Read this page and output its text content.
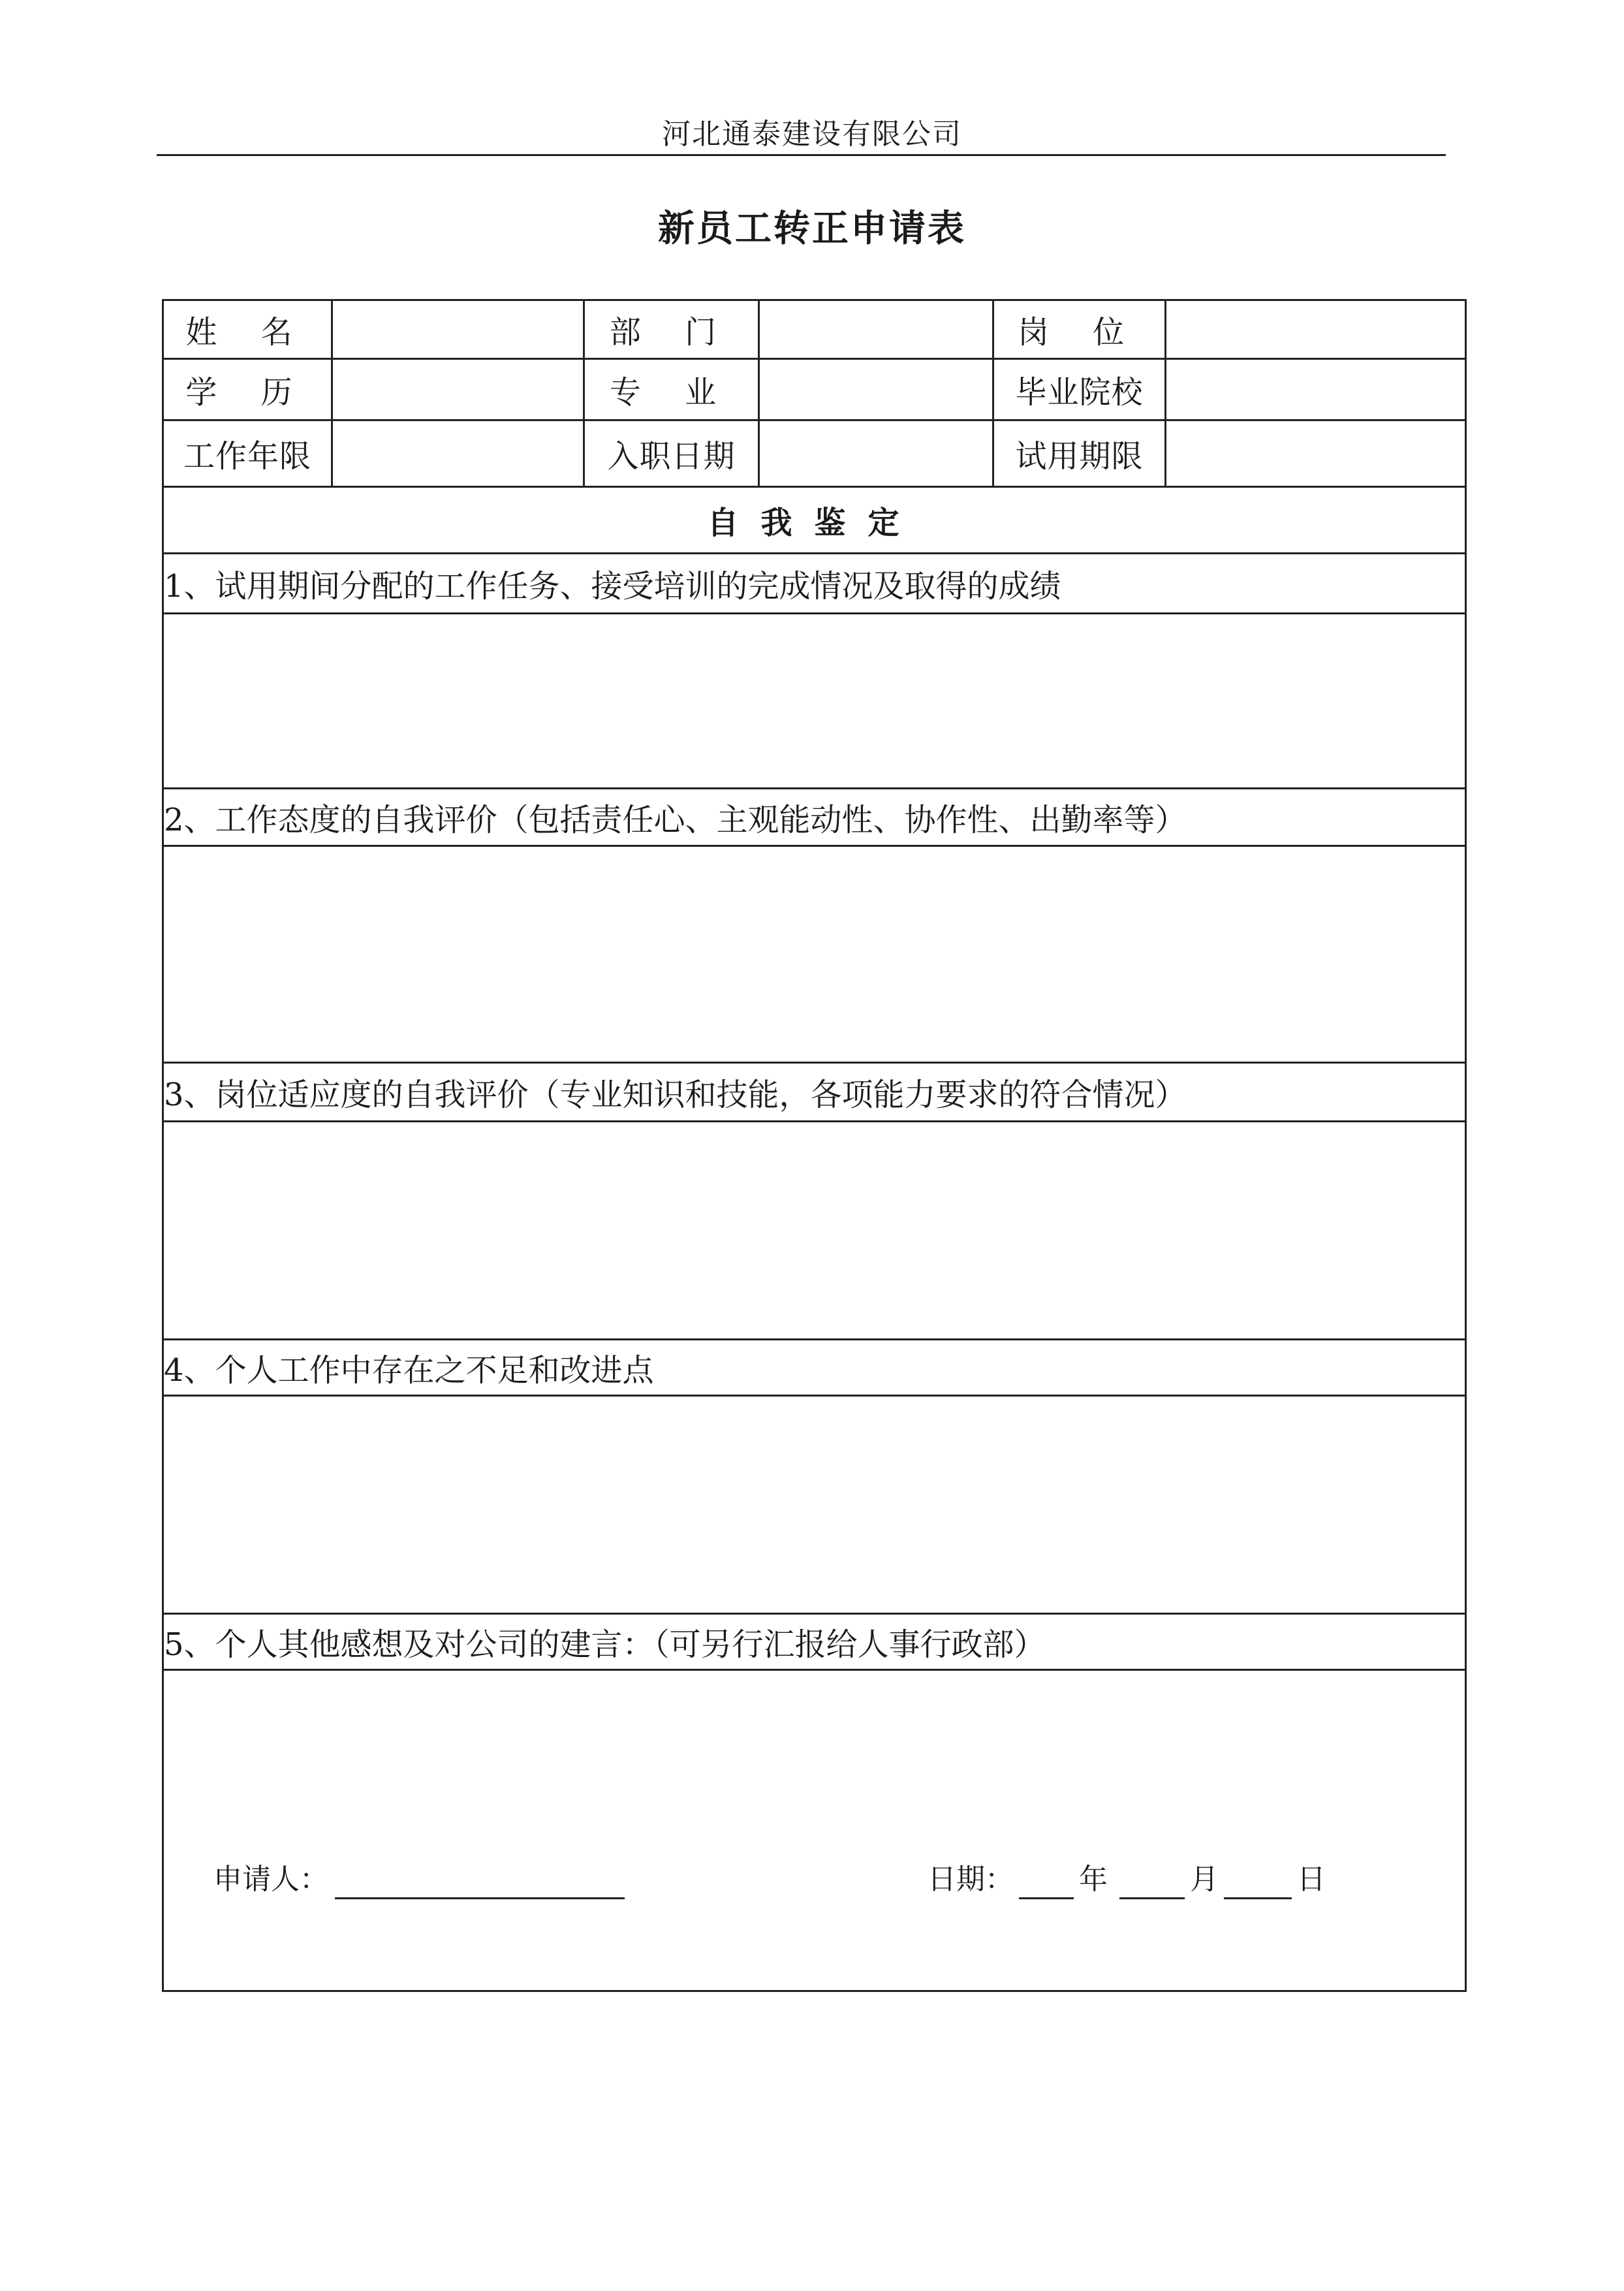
河北通泰建设有限公司
新员工转正申请表
姓 名		部 门		岗 位	
学 历		专 业		毕业院校	
工作年限		入职日期		试用期限	
自我鉴定					
1、试用期间分配的工作任务、接受培训的完成情况及取得的成绩					

2、工作态度的自我评价（包括责任心、主观能动性、协作性、出勤率等）					

3、岗位适应度的自我评价（专业知识和技能，各项能力要求的符合情况）					

4、个人工作中存在之不足和改进点					

5、个人其他感想及对公司的建言：（可另行汇报给人事行政部）					

申请人： 日期： 年 月 日					
